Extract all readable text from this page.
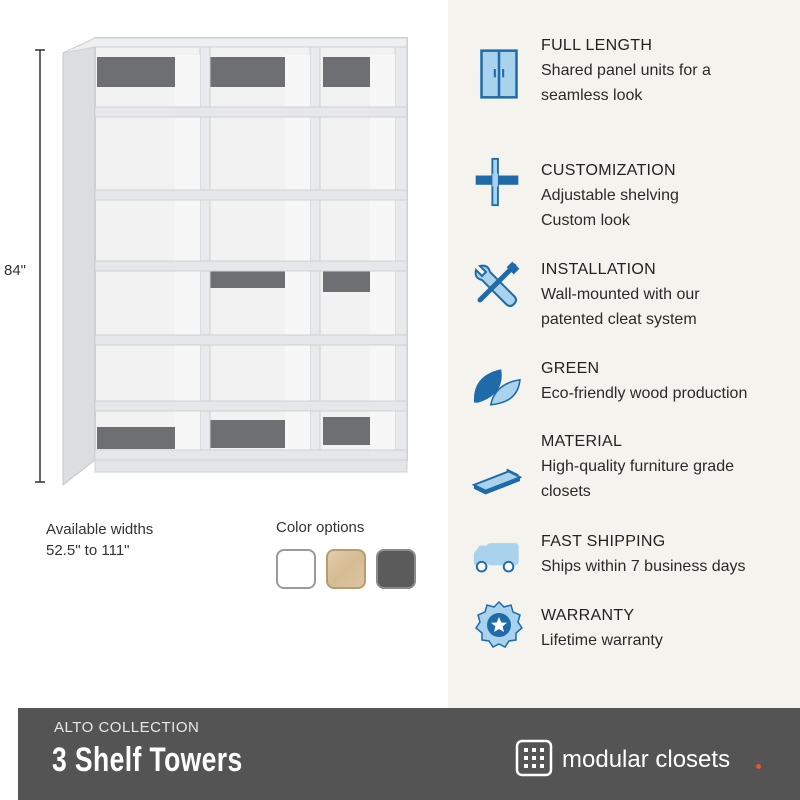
84"
Available widths
52.5" to 111"
Color options
FULL LENGTH
Shared panel units for a
seamless look
CUSTOMIZATION
Adjustable shelving
Custom look
INSTALLATION
Wall-mounted with our
patented cleat system
GREEN
Eco-friendly wood production
MATERIAL
High-quality furniture grade
closets
FAST SHIPPING
Ships within 7 business days
WARRANTY
Lifetime warranty
ALTO COLLECTION
3 Shelf Towers	modular closets
